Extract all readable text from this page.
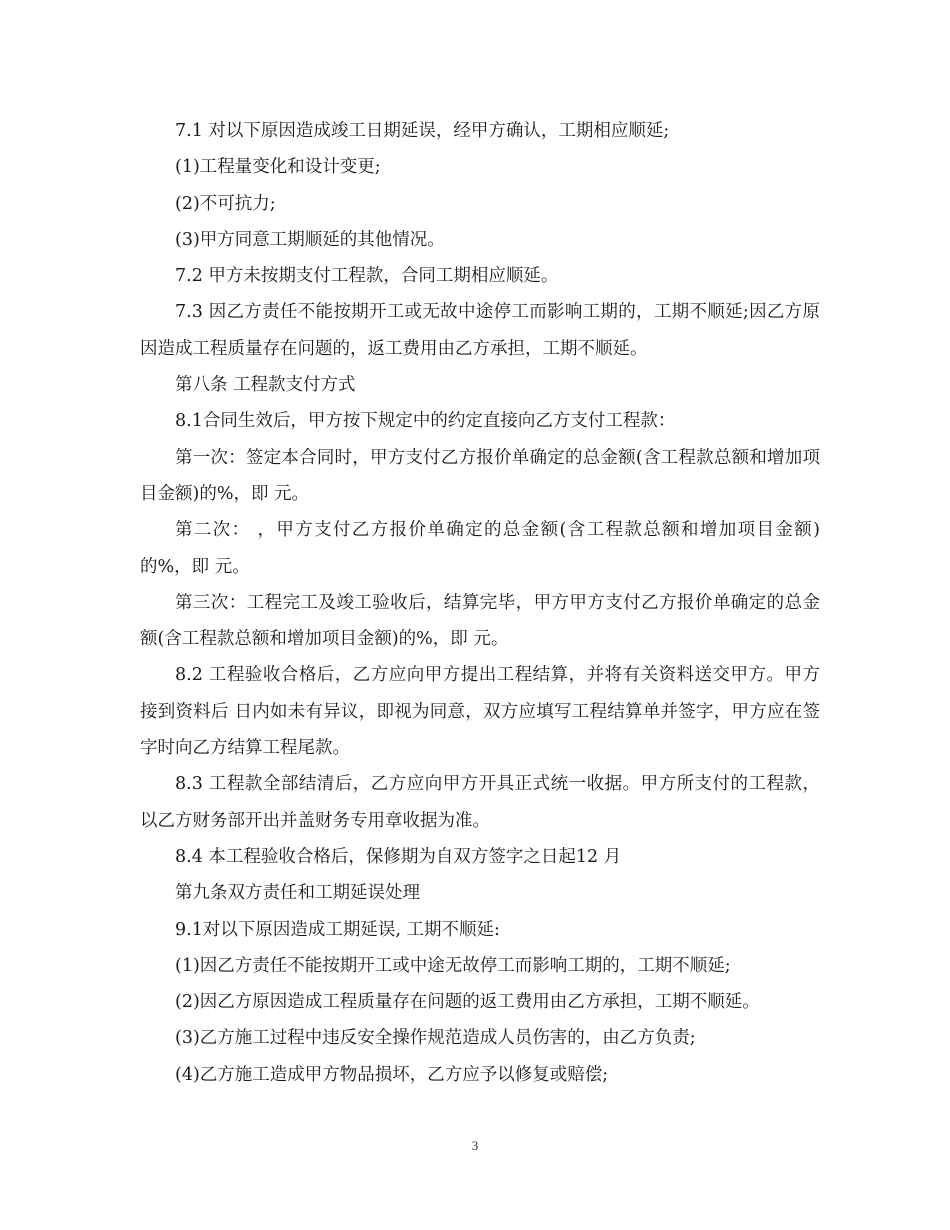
7.1 对以下原因造成竣工日期延误，经甲方确认，工期相应顺延;

(1)工程量变化和设计变更;

(2)不可抗力;

(3)甲方同意工期顺延的其他情况。

7.2 甲方未按期支付工程款，合同工期相应顺延。

7.3 因乙方责任不能按期开工或无故中途停工而影响工期的，工期不顺延;因乙方原因造成工程质量存在问题的，返工费用由乙方承担，工期不顺延。

第八条 工程款支付方式

8.1合同生效后，甲方按下规定中的约定直接向乙方支付工程款：

第一次：签定本合同时，甲方支付乙方报价单确定的总金额(含工程款总额和增加项目金额)的%，即 元。

第二次： ，甲方支付乙方报价单确定的总金额(含工程款总额和增加项目金额)的%，即 元。

第三次：工程完工及竣工验收后，结算完毕，甲方甲方支付乙方报价单确定的总金额(含工程款总额和增加项目金额)的%，即 元。

8.2 工程验收合格后，乙方应向甲方提出工程结算，并将有关资料送交甲方。甲方接到资料后 日内如未有异议，即视为同意，双方应填写工程结算单并签字，甲方应在签字时向乙方结算工程尾款。

8.3 工程款全部结清后，乙方应向甲方开具正式统一收据。甲方所支付的工程款，以乙方财务部开出并盖财务专用章收据为准。

8.4 本工程验收合格后，保修期为自双方签字之日起12 月

第九条双方责任和工期延误处理

9.1对以下原因造成工期延误, 工期不顺延:

(1)因乙方责任不能按期开工或中途无故停工而影响工期的，工期不顺延;

(2)因乙方原因造成工程质量存在问题的返工费用由乙方承担，工期不顺延。

(3)乙方施工过程中违反安全操作规范造成人员伤害的，由乙方负责;

(4)乙方施工造成甲方物品损坏，乙方应予以修复或赔偿;

3
